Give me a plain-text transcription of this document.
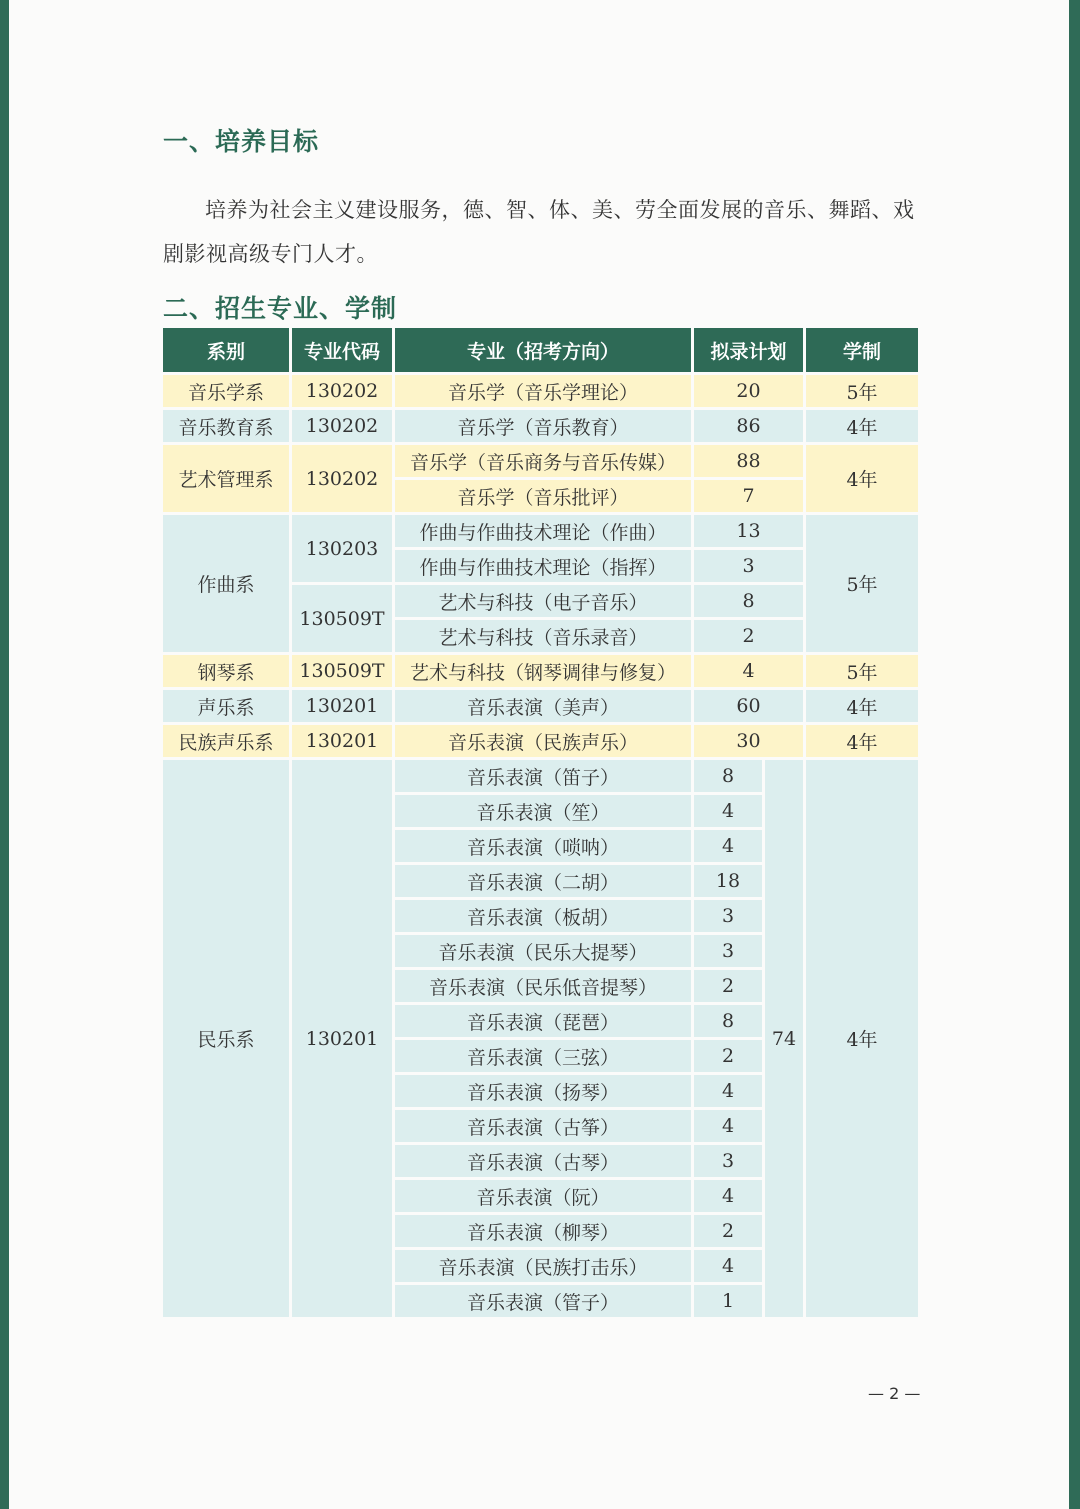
一、培养目标

培养为社会主义建设服务，德、智、体、美、劳全面发展的音乐、舞蹈、戏剧影视高级专门人才。

二、招生专业、学制
系别	专业代码	专业（招考方向）	拟录计划		学制
音乐学系	130202	音乐学（音乐学理论）	20		5年
音乐教育系	130202	音乐学（音乐教育）	86		4年
艺术管理系	130202	音乐学（音乐商务与音乐传媒）	88		4年
		音乐学（音乐批评）	7		
作曲系	130203	作曲与作曲技术理论（作曲）	13		5年
		作曲与作曲技术理论（指挥）	3		
	130509T	艺术与科技（电子音乐）	8		
		艺术与科技（音乐录音）	2		
钢琴系	130509T	艺术与科技（钢琴调律与修复）	4		5年
声乐系	130201	音乐表演（美声）	60		4年
民族声乐系	130201	音乐表演（民族声乐）	30		4年
民乐系	130201	音乐表演（笛子）	8	74	4年
		音乐表演（笙）	4		
		音乐表演（唢呐）	4		
		音乐表演（二胡）	18		
		音乐表演（板胡）	3		
		音乐表演（民乐大提琴）	3		
		音乐表演（民乐低音提琴）	2		
		音乐表演（琵琶）	8		
		音乐表演（三弦）	2		
		音乐表演（扬琴）	4		
		音乐表演（古筝）	4		
		音乐表演（古琴）	3		
		音乐表演（阮）	4		
		音乐表演（柳琴）	2		
		音乐表演（民族打击乐）	4		
		音乐表演（管子）	1		
— 2 —
